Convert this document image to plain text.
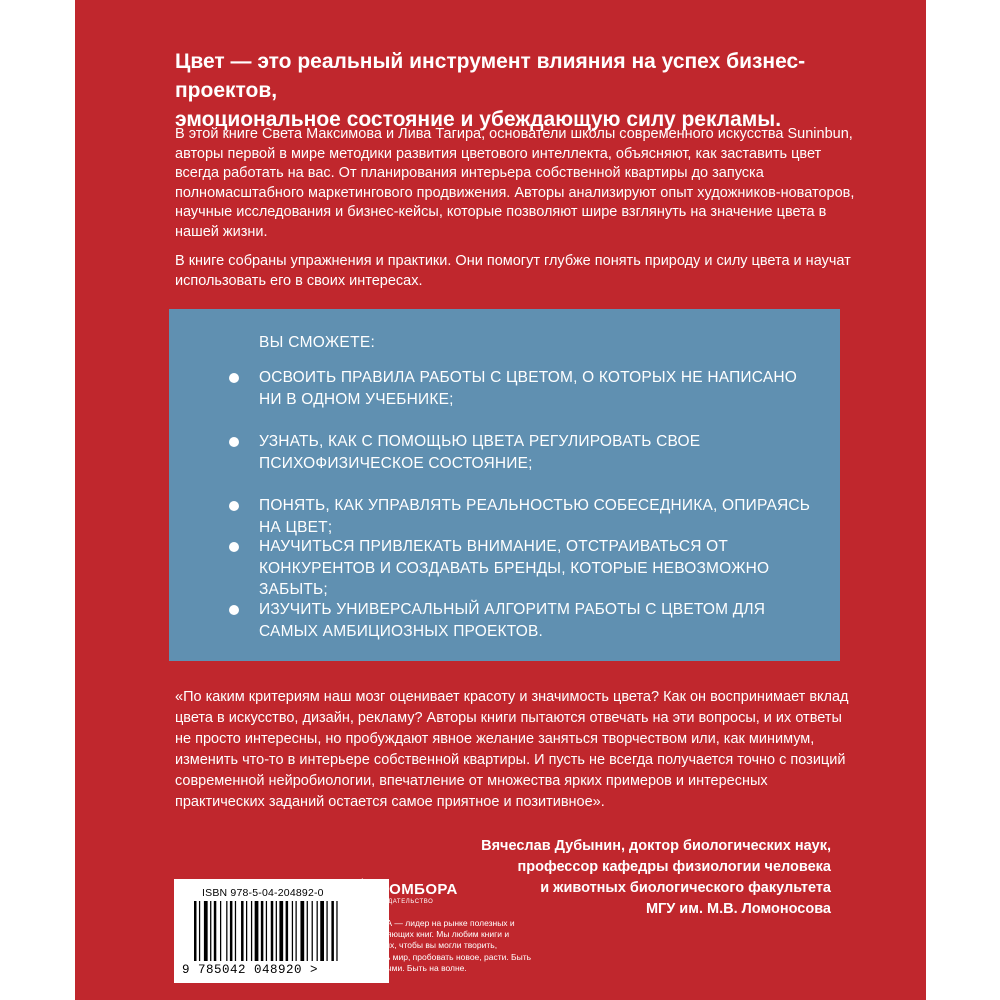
Цвет — это реальный инструмент влияния на успех бизнес-проектов,
эмоциональное состояние и убеждающую силу рекламы.

В этой книге Света Максимова и Лива Тагира, основатели школы современного искусства Suninbun, авторы первой в мире методики развития цветового интеллекта, объясняют, как заставить цвет всегда работать на вас. От планирования интерьера собственной квартиры до запуска полномасштабного маркетингового продвижения. Авторы анализируют опыт художников-новаторов, научные исследования и бизнес-кейсы, которые позволяют шире взглянуть на значение цвета в нашей жизни.

В книге собраны упражнения и практики. Они помогут глубже понять природу и силу цвета и научат использовать его в своих интересах.

ВЫ СМОЖЕТЕ:

ОСВОИТЬ ПРАВИЛА РАБОТЫ С ЦВЕТОМ, О КОТОРЫХ НЕ НАПИСАНО НИ В ОДНОМ УЧЕБНИКЕ;
УЗНАТЬ, КАК С ПОМОЩЬЮ ЦВЕТА РЕГУЛИРОВАТЬ СВОЕ ПСИХОФИЗИЧЕСКОЕ СОСТОЯНИЕ;
ПОНЯТЬ, КАК УПРАВЛЯТЬ РЕАЛЬНОСТЬЮ СОБЕСЕДНИКА, ОПИРАЯСЬ НА ЦВЕТ;
НАУЧИТЬСЯ ПРИВЛЕКАТЬ ВНИМАНИЕ, ОТСТРАИВАТЬСЯ ОТ КОНКУРЕНТОВ И СОЗДАВАТЬ БРЕНДЫ, КОТОРЫЕ НЕВОЗМОЖНО ЗАБЫТЬ;
ИЗУЧИТЬ УНИВЕРСАЛЬНЫЙ АЛГОРИТМ РАБОТЫ С ЦВЕТОМ ДЛЯ САМЫХ АМБИЦИОЗНЫХ ПРОЕКТОВ.

«По каким критериям наш мозг оценивает красоту и значимость цвета? Как он воспринимает вклад цвета в искусство, дизайн, рекламу? Авторы книги пытаются отвечать на эти вопросы, и их ответы не просто интересны, но пробуждают явное желание заняться творчеством или, как минимум, изменить что-то в интерьере собственной квартиры. И пусть не всегда получается точно с позиций современной нейробиологии, впечатление от множества ярких примеров и интересных практических заданий остается самое приятное и позитивное».

Вячеслав Дубынин, доктор биологических наук,
профессор кафедры физиологии человека
и животных биологического факультета
МГУ им. М.В. Ломоносова
ISBN 978-5-04-204892-0
9 785042 048920 >
БОМБОРА
ИЗДАТЕЛЬСТВО

БОМБОРА — лидер на рынке полезных и вдохновляющих книг. Мы любим книги и создаем их, чтобы вы могли творить, открывать мир, пробовать новое, расти. Быть счастливыми. Быть на волне.
